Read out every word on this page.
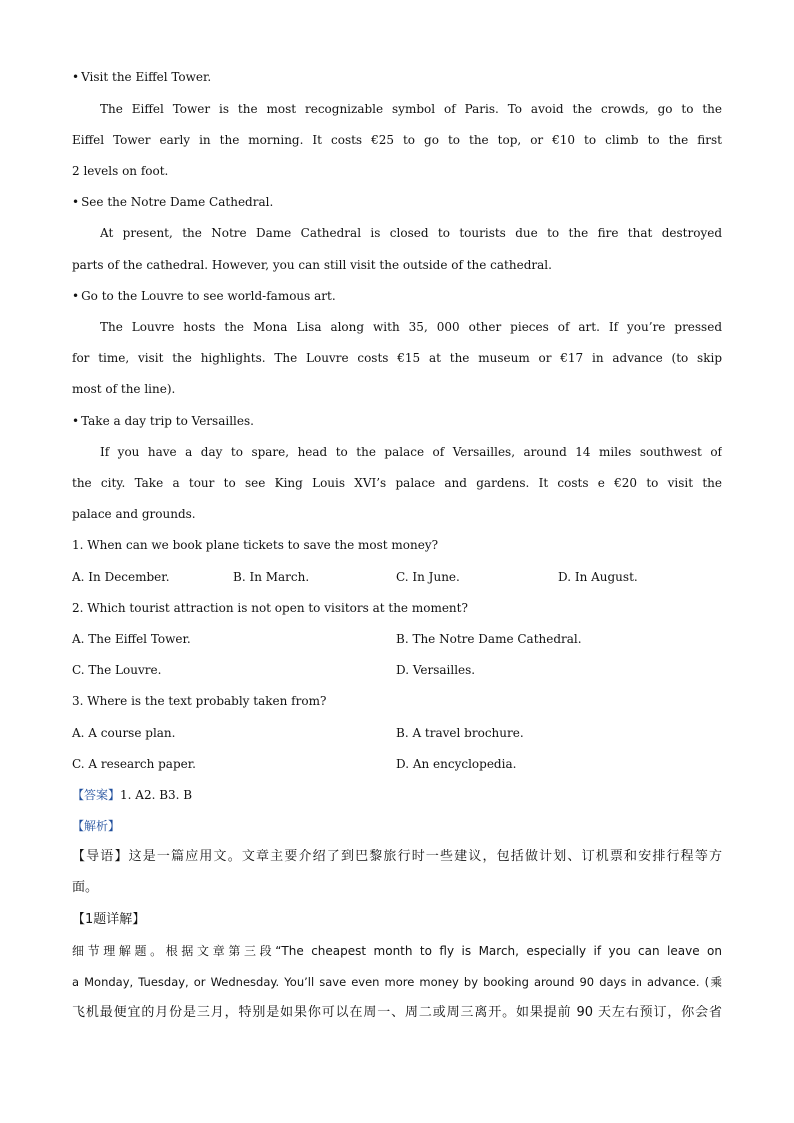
• Visit the Eiffel Tower.
The Eiffel Tower is the most recognizable symbol of Paris. To avoid the crowds, go to the
Eiffel Tower early in the morning. It costs €25 to go to the top, or €10 to climb to the first
2 levels on foot.
• See the Notre Dame Cathedral.
At present, the Notre Dame Cathedral is closed to tourists due to the fire that destroyed
parts of the cathedral. However, you can still visit the outside of the cathedral.
• Go to the Louvre to see world-famous art.
The Louvre hosts the Mona Lisa along with 35, 000 other pieces of art. If you’re pressed
for time, visit the highlights. The Louvre costs €15 at the museum or €17 in advance (to skip
most of the line).
• Take a day trip to Versailles.
If you have a day to spare, head to the palace of Versailles, around 14 miles southwest of
the city. Take a tour to see King Louis XVI’s palace and gardens. It costs e €20 to visit the
palace and grounds.
1. When can we book plane tickets to save the most money?
A. In December.	B. In March.	C. In June.	D. In August.
2. Which tourist attraction is not open to visitors at the moment?
A. The Eiffel Tower.	B. The Notre Dame Cathedral.
C. The Louvre.	D. Versailles.
3. Where is the text probably taken from?
A. A course plan.	B. A travel brochure.
C. A research paper.	D. An encyclopedia.
【答案】1. A2. B3. B
【解析】
【导语】这是一篇应用文。文章主要介绍了到巴黎旅行时一些建议，包括做计划、订机票和安排行程等方
面。
【1题详解】
细节理解题。根据文章第三段“The cheapest month to fly is March, especially if you can leave on
a Monday, Tuesday, or Wednesday. You’ll save even more money by booking around 90 days in advance. (乘
飞机最便宜的月份是三月，特别是如果你可以在周一、周二或周三离开。如果提前 90 天左右预订，你会省
